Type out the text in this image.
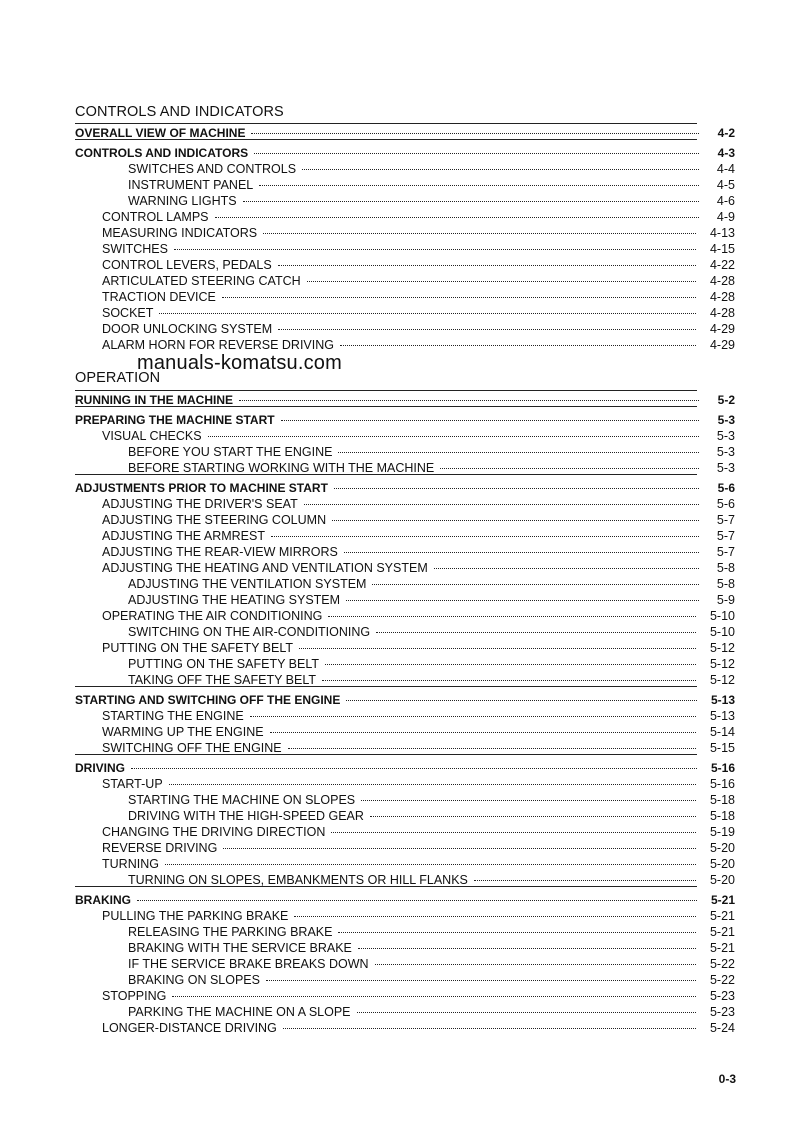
CONTROLS AND INDICATORS
OVERALL VIEW OF MACHINE	4-2
CONTROLS AND INDICATORS	4-3
SWITCHES AND CONTROLS	4-4
INSTRUMENT PANEL	4-5
WARNING LIGHTS	4-6
CONTROL LAMPS	4-9
MEASURING INDICATORS	4-13
SWITCHES	4-15
CONTROL LEVERS, PEDALS	4-22
ARTICULATED STEERING CATCH	4-28
TRACTION DEVICE	4-28
SOCKET	4-28
DOOR UNLOCKING SYSTEM	4-29
ALARM HORN FOR REVERSE DRIVING	4-29
OPERATION
RUNNING IN THE MACHINE	5-2
PREPARING THE MACHINE START	5-3
VISUAL CHECKS	5-3
BEFORE YOU START THE ENGINE	5-3
BEFORE STARTING WORKING WITH THE MACHINE	5-3
ADJUSTMENTS PRIOR TO MACHINE START	5-6
ADJUSTING THE DRIVER'S SEAT	5-6
ADJUSTING THE STEERING COLUMN	5-7
ADJUSTING THE ARMREST	5-7
ADJUSTING THE REAR-VIEW MIRRORS	5-7
ADJUSTING THE HEATING AND VENTILATION SYSTEM	5-8
ADJUSTING THE VENTILATION SYSTEM	5-8
ADJUSTING THE HEATING SYSTEM	5-9
OPERATING THE AIR CONDITIONING	5-10
SWITCHING ON THE AIR-CONDITIONING	5-10
PUTTING ON THE SAFETY BELT	5-12
PUTTING ON THE SAFETY BELT	5-12
TAKING OFF THE SAFETY BELT	5-12
STARTING AND SWITCHING OFF THE ENGINE	5-13
STARTING THE ENGINE	5-13
WARMING UP THE ENGINE	5-14
SWITCHING OFF THE ENGINE	5-15
DRIVING	5-16
START-UP	5-16
STARTING THE MACHINE ON SLOPES	5-18
DRIVING WITH THE HIGH-SPEED GEAR	5-18
CHANGING THE DRIVING DIRECTION	5-19
REVERSE DRIVING	5-20
TURNING	5-20
TURNING ON SLOPES, EMBANKMENTS OR HILL FLANKS	5-20
BRAKING	5-21
PULLING THE PARKING BRAKE	5-21
RELEASING THE PARKING BRAKE	5-21
BRAKING WITH THE SERVICE BRAKE	5-21
IF THE SERVICE BRAKE BREAKS DOWN	5-22
BRAKING ON SLOPES	5-22
STOPPING	5-23
PARKING THE MACHINE ON A SLOPE	5-23
LONGER-DISTANCE DRIVING	5-24
manuals-komatsu.com
0-3
